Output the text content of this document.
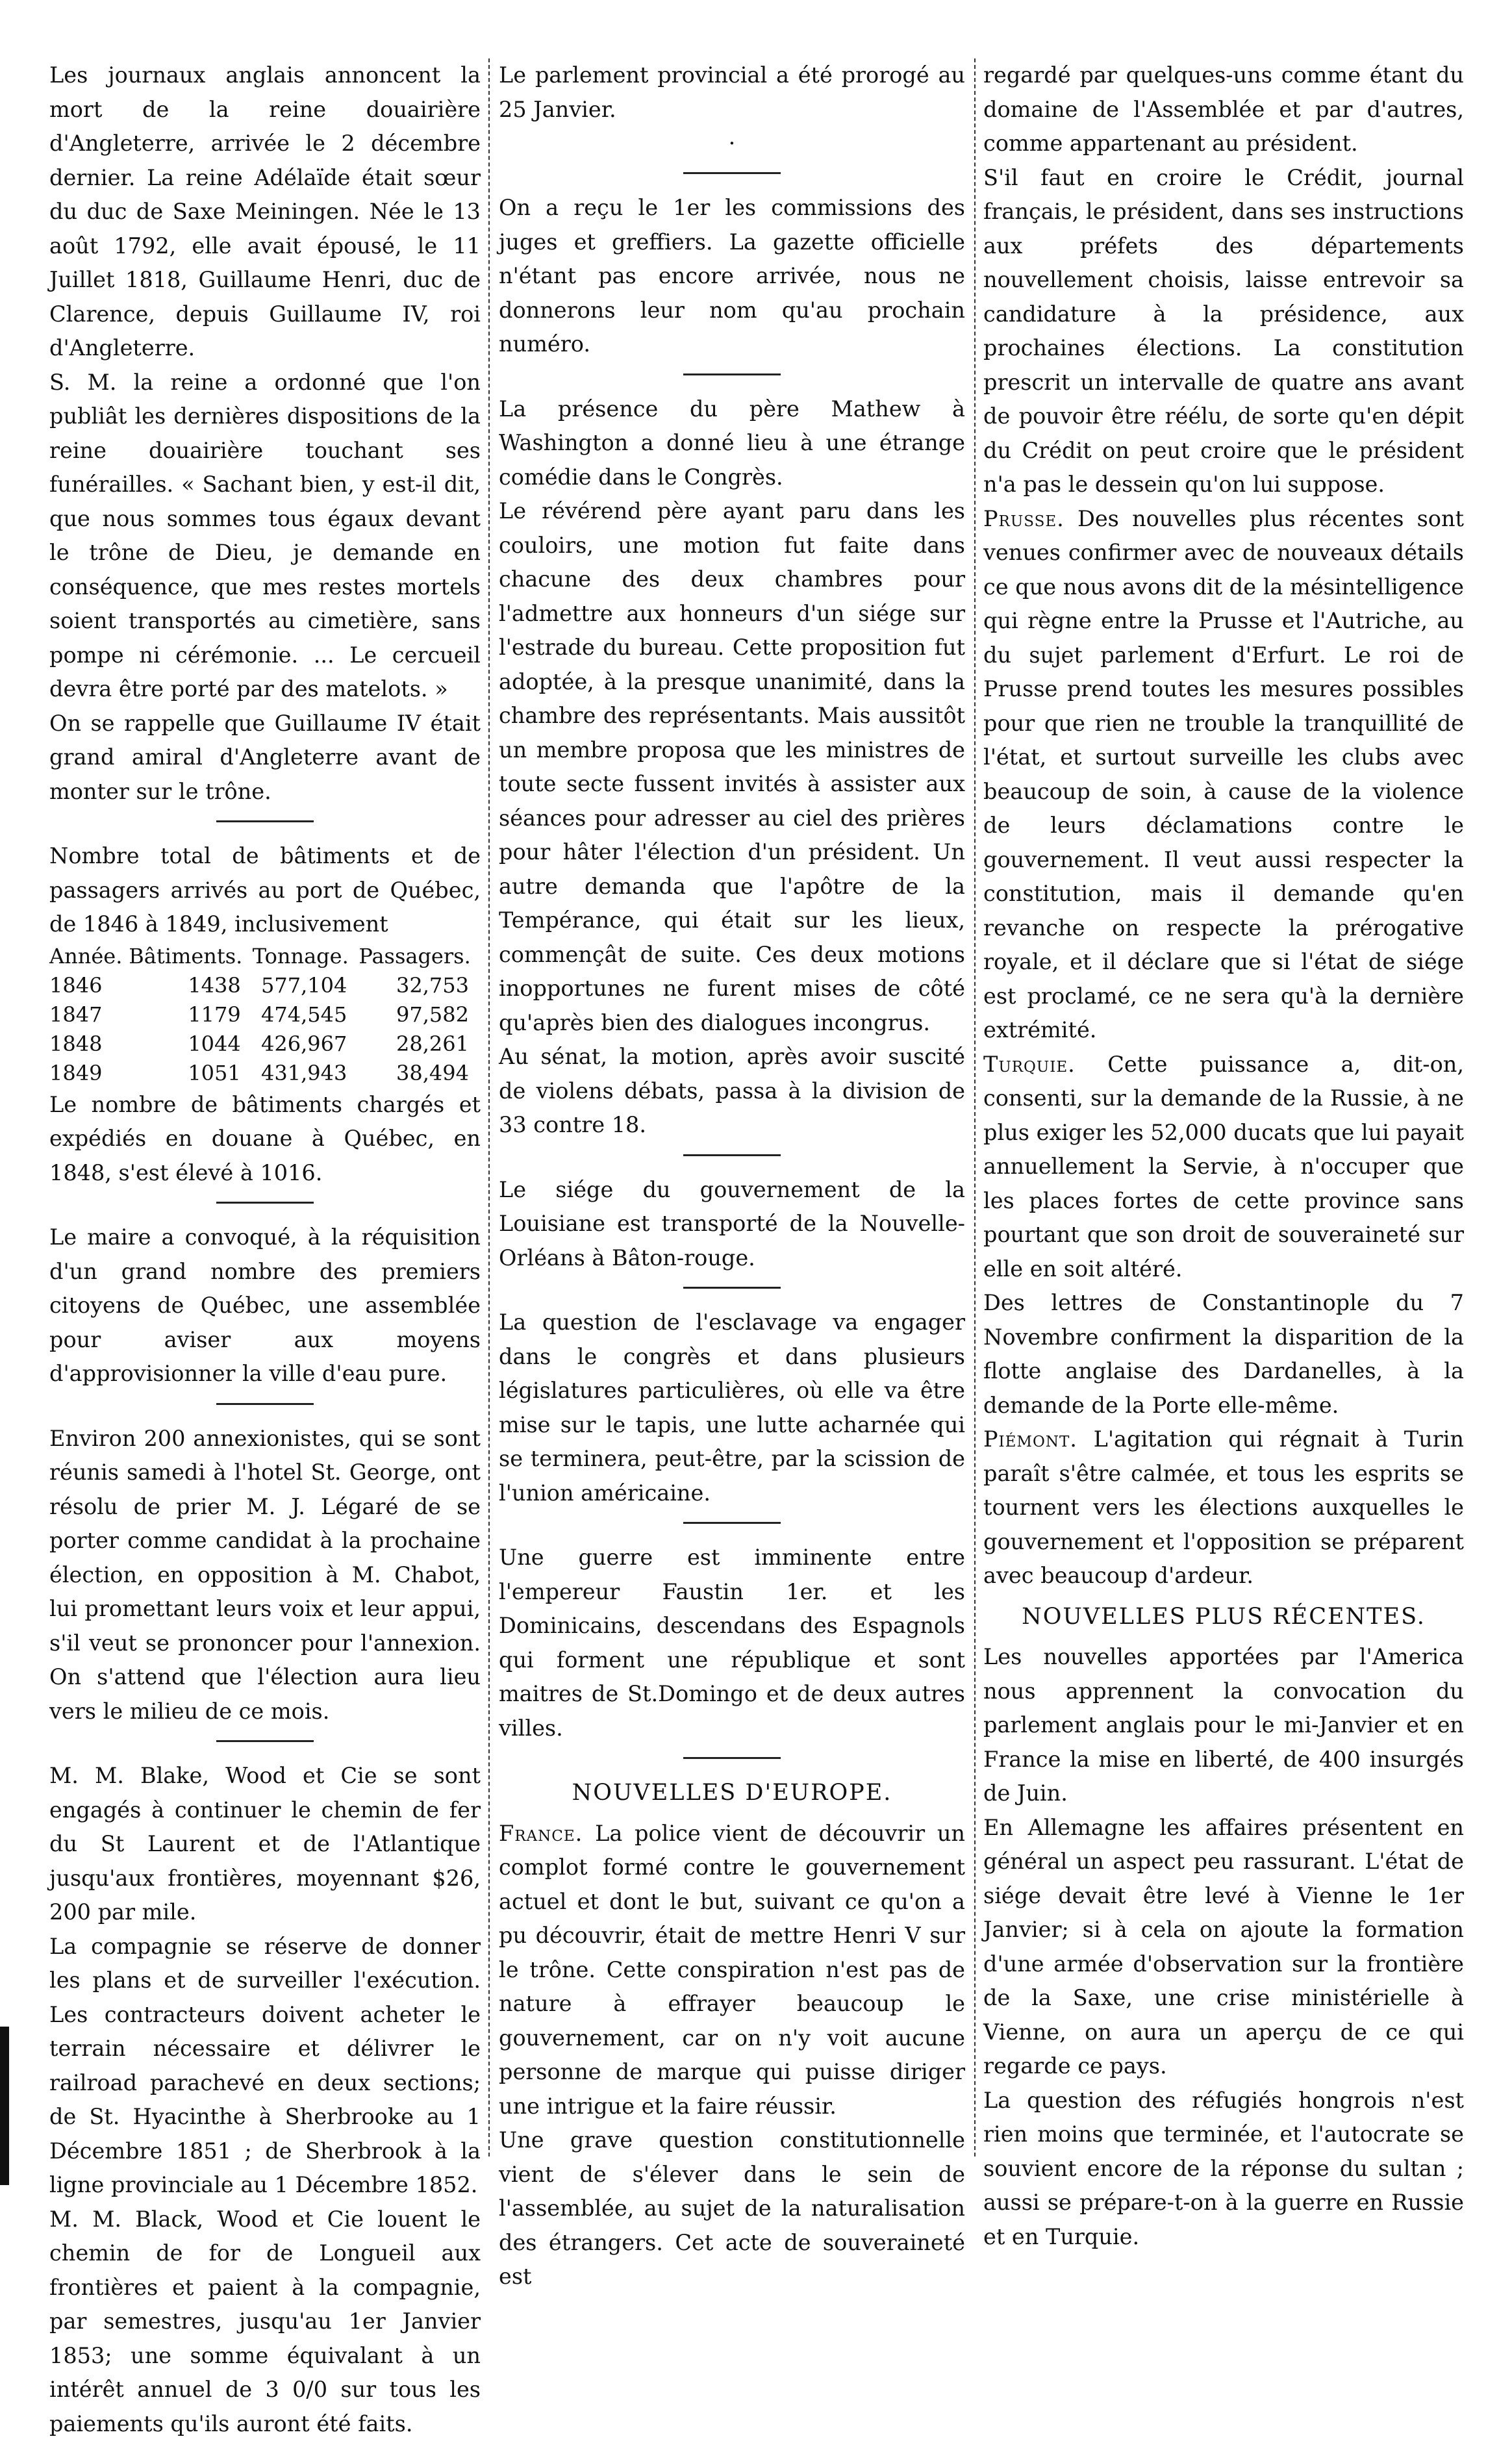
Les journaux anglais annoncent la mort de la reine douairière d'Angleterre, arrivée le 2 décembre dernier. La reine Adélaïde était sœur du duc de Saxe Meiningen. Née le 13 août 1792, elle avait épousé, le 11 Juillet 1818, Guillaume Henri, duc de Clarence, depuis Guillaume IV, roi d'Angleterre.

S. M. la reine a ordonné que l'on publiât les dernières dispositions de la reine douairière touchant ses funérailles. « Sachant bien, y est-il dit, que nous sommes tous égaux devant le trône de Dieu, je demande en conséquence, que mes restes mortels soient transportés au cimetière, sans pompe ni cérémonie. ... Le cercueil devra être porté par des matelots. »

On se rappelle que Guillaume IV était grand amiral d'Angleterre avant de monter sur le trône.

Nombre total de bâtiments et de passagers arrivés au port de Québec, de 1846 à 1849, inclusivement

Année.	Bâtiments.	Tonnage.	Passagers.
1846	1438	577,104	32,753
1847	1179	474,545	97,582
1848	1044	426,967	28,261
1849	1051	431,943	38,494

Le nombre de bâtiments chargés et expédiés en douane à Québec, en 1848, s'est élevé à 1016.

Le maire a convoqué, à la réquisition d'un grand nombre des premiers citoyens de Québec, une assemblée pour aviser aux moyens d'approvisionner la ville d'eau pure.

Environ 200 annexionistes, qui se sont réunis samedi à l'hotel St. George, ont résolu de prier M. J. Légaré de se porter comme candidat à la prochaine élection, en opposition à M. Chabot, lui promettant leurs voix et leur appui, s'il veut se prononcer pour l'annexion. On s'attend que l'élection aura lieu vers le milieu de ce mois.

M. M. Blake, Wood et Cie se sont engagés à continuer le chemin de fer du St Laurent et de l'Atlantique jusqu'aux frontières, moyennant $26, 200 par mile.

La compagnie se réserve de donner les plans et de surveiller l'exécution. Les contracteurs doivent acheter le terrain nécessaire et délivrer le railroad parachevé en deux sections; de St. Hyacinthe à Sherbrooke au 1 Décembre 1851 ; de Sherbrook à la ligne provinciale au 1 Décembre 1852.

M. M. Black, Wood et Cie louent le chemin de for de Longueil aux frontières et paient à la compagnie, par semestres, jusqu'au 1er Janvier 1853; une somme équivalant à un intérêt annuel de 3 0/0 sur tous les paiements qu'ils auront été faits.

Le parlement provincial a été prorogé au 25 Janvier.

·

On a reçu le 1er les commissions des juges et greffiers. La gazette officielle n'étant pas encore arrivée, nous ne donnerons leur nom qu'au prochain numéro.

La présence du père Mathew à Washington a donné lieu à une étrange comédie dans le Congrès.

Le révérend père ayant paru dans les couloirs, une motion fut faite dans chacune des deux chambres pour l'admettre aux honneurs d'un siége sur l'estrade du bureau. Cette proposition fut adoptée, à la presque unanimité, dans la chambre des représentants. Mais aussitôt un membre proposa que les ministres de toute secte fussent invités à assister aux séances pour adresser au ciel des prières pour hâter l'élection d'un président. Un autre demanda que l'apôtre de la Tempérance, qui était sur les lieux, commençât de suite. Ces deux motions inopportunes ne furent mises de côté qu'après bien des dialogues incongrus.

Au sénat, la motion, après avoir suscité de violens débats, passa à la division de 33 contre 18.

Le siége du gouvernement de la Louisiane est transporté de la Nouvelle-Orléans à Bâton-rouge.

La question de l'esclavage va engager dans le congrès et dans plusieurs législatures particulières, où elle va être mise sur le tapis, une lutte acharnée qui se terminera, peut-être, par la scission de l'union américaine.

Une guerre est imminente entre l'empereur Faustin 1er. et les Dominicains, descendans des Espagnols qui forment une république et sont maitres de St.Domingo et de deux autres villes.

NOUVELLES D'EUROPE.

France. La police vient de découvrir un complot formé contre le gouvernement actuel et dont le but, suivant ce qu'on a pu découvrir, était de mettre Henri V sur le trône. Cette conspiration n'est pas de nature à effrayer beaucoup le gouvernement, car on n'y voit aucune personne de marque qui puisse diriger une intrigue et la faire réussir.

Une grave question constitutionnelle vient de s'élever dans le sein de l'assemblée, au sujet de la naturalisation des étrangers. Cet acte de souveraineté est

regardé par quelques-uns comme étant du domaine de l'Assemblée et par d'autres, comme appartenant au président.

S'il faut en croire le Crédit, journal français, le président, dans ses instructions aux préfets des départements nouvellement choisis, laisse entrevoir sa candidature à la présidence, aux prochaines élections. La constitution prescrit un intervalle de quatre ans avant de pouvoir être réélu, de sorte qu'en dépit du Crédit on peut croire que le président n'a pas le dessein qu'on lui suppose.

Prusse. Des nouvelles plus récentes sont venues confirmer avec de nouveaux détails ce que nous avons dit de la mésintelligence qui règne entre la Prusse et l'Autriche, au du sujet parlement d'Erfurt. Le roi de Prusse prend toutes les mesures possibles pour que rien ne trouble la tranquillité de l'état, et surtout surveille les clubs avec beaucoup de soin, à cause de la violence de leurs déclamations contre le gouvernement. Il veut aussi respecter la constitution, mais il demande qu'en revanche on respecte la prérogative royale, et il déclare que si l'état de siége est proclamé, ce ne sera qu'à la dernière extrémité.

Turquie. Cette puissance a, dit-on, consenti, sur la demande de la Russie, à ne plus exiger les 52,000 ducats que lui payait annuellement la Servie, à n'occuper que les places fortes de cette province sans pourtant que son droit de souveraineté sur elle en soit altéré.

Des lettres de Constantinople du 7 Novembre confirment la disparition de la flotte anglaise des Dardanelles, à la demande de la Porte elle-même.

Piémont. L'agitation qui régnait à Turin paraît s'être calmée, et tous les esprits se tournent vers les élections auxquelles le gouvernement et l'opposition se préparent avec beaucoup d'ardeur.

NOUVELLES PLUS RÉCENTES.

Les nouvelles apportées par l'America nous apprennent la convocation du parlement anglais pour le mi-Janvier et en France la mise en liberté, de 400 insurgés de Juin.

En Allemagne les affaires présentent en général un aspect peu rassurant. L'état de siége devait être levé à Vienne le 1er Janvier; si à cela on ajoute la formation d'une armée d'observation sur la frontière de la Saxe, une crise ministérielle à Vienne, on aura un aperçu de ce qui regarde ce pays.

La question des réfugiés hongrois n'est rien moins que terminée, et l'autocrate se souvient encore de la réponse du sultan ; aussi se prépare-t-on à la guerre en Russie et en Turquie.
